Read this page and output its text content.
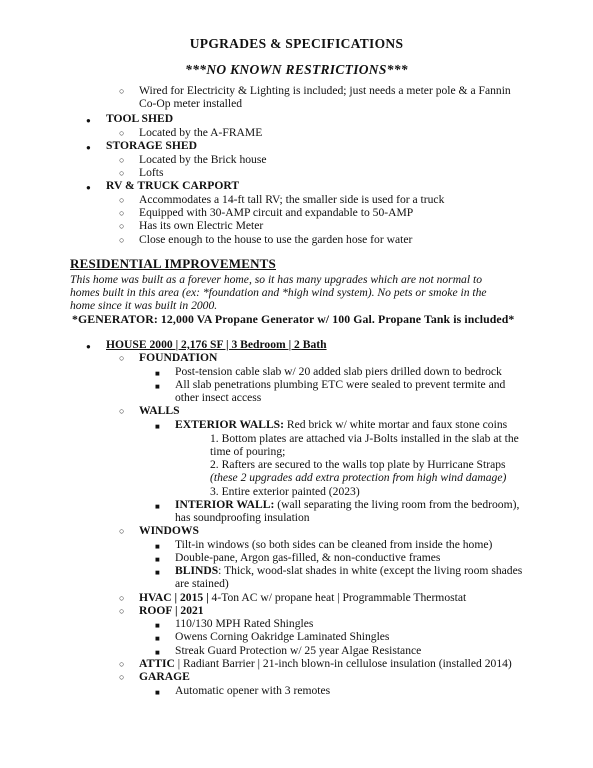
UPGRADES & SPECIFICATIONS
***NO KNOWN RESTRICTIONS***
○ Wired for Electricity & Lighting is included; just needs a meter pole & a Fannin
Co-Op meter installed
● TOOL SHED
○ Located by the A-FRAME
● STORAGE SHED
○ Located by the Brick house
○ Lofts
● RV & TRUCK CARPORT
○ Accommodates a 14-ft tall RV; the smaller side is used for a truck
○ Equipped with 30-AMP circuit and expandable to 50-AMP
○ Has its own Electric Meter
○ Close enough to the house to use the garden hose for water
RESIDENTIAL IMPROVEMENTS
This home was built as a forever home, so it has many upgrades which are not normal to
homes built in this area (ex: *foundation and *high wind system). No pets or smoke in the
home since it was built in 2000.
*GENERATOR: 12,000 VA Propane Generator w/ 100 Gal. Propane Tank is included*
● HOUSE 2000 | 2,176 SF | 3 Bedroom | 2 Bath
○ FOUNDATION
■ Post-tension cable slab w/ 20 added slab piers drilled down to bedrock
■ All slab penetrations plumbing ETC were sealed to prevent termite and
other insect access
○ WALLS
■ EXTERIOR WALLS: Red brick w/ white mortar and faux stone coins
1. Bottom plates are attached via J-Bolts installed in the slab at the
time of pouring;
2. Rafters are secured to the walls top plate by Hurricane Straps
(these 2 upgrades add extra protection from high wind damage)
3. Entire exterior painted (2023)
■ INTERIOR WALL: (wall separating the living room from the bedroom),
has soundproofing insulation
○ WINDOWS
■ Tilt-in windows (so both sides can be cleaned from inside the home)
■ Double-pane, Argon gas-filled, & non-conductive frames
■ BLINDS: Thick, wood-slat shades in white (except the living room shades
are stained)
○ HVAC | 2015 | 4-Ton AC w/ propane heat | Programmable Thermostat
○ ROOF | 2021
■ 110/130 MPH Rated Shingles
■ Owens Corning Oakridge Laminated Shingles
■ Streak Guard Protection w/ 25 year Algae Resistance
○ ATTIC | Radiant Barrier | 21-inch blown-in cellulose insulation (installed 2014)
○ GARAGE
■ Automatic opener with 3 remotes
